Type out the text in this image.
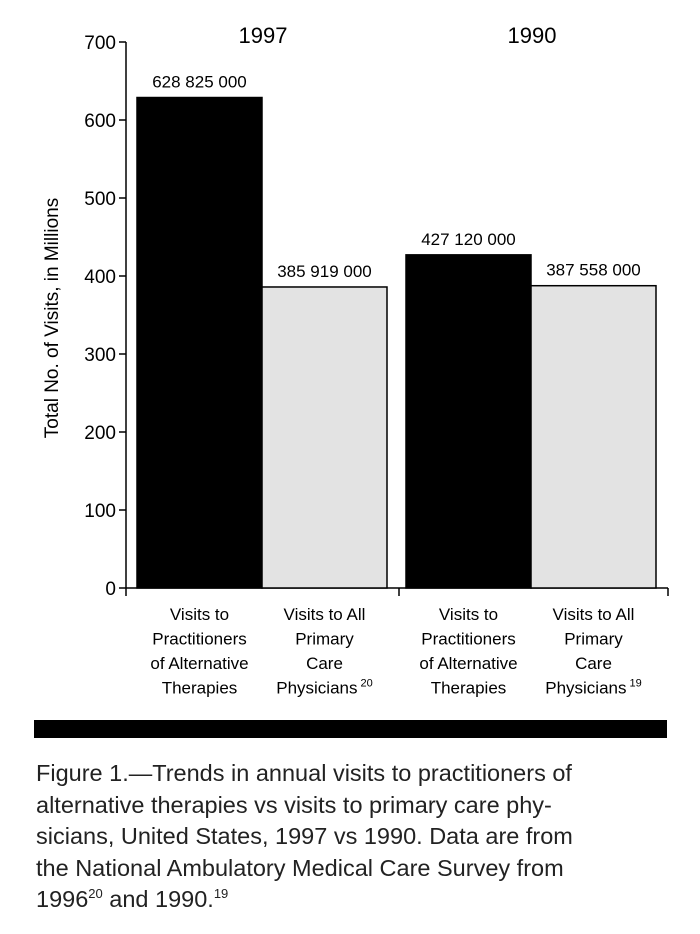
0
100
200
300
400
500
600
700
Total No. of Visits, in Millions
1997
628 825 000
Visits to
Practitioners
of Alternative
Therapies
385 919 000
Visits to All
Primary
Care
Physicians $^{20}$
1990
427 120 000
Visits to
Practitioners
of Alternative
Therapies
387 558 000
Visits to All
Primary
Care
Physicians $^{19}$

Figure 1.—Trends in annual visits to practitioners of

alternative therapies vs visits to primary care phy-

sicians, United States, 1997 vs 1990. Data are from

the National Ambulatory Medical Care Survey from

1996$^{20}$ and 1990.19
